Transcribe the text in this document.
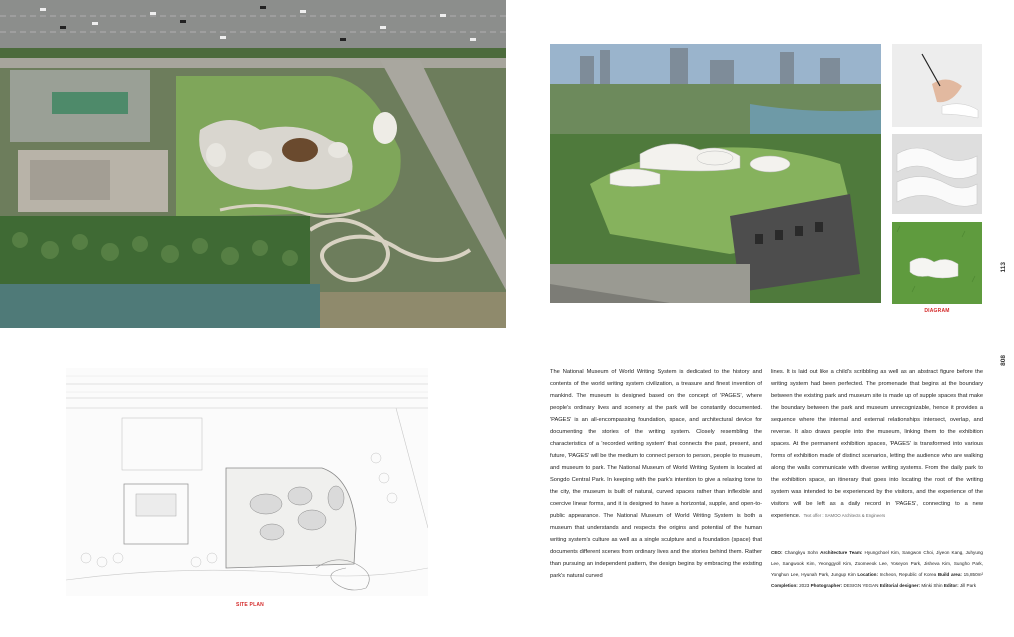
DIAGRAM
113
808
SITE PLAN
The National Museum of World Writing System is dedicated to the history and contents of the world writing system civilization, a treasure and finest invention of mankind. The museum is designed based on the concept of 'PAGES', where people's ordinary lives and scenery at the park will be constantly documented. 'PAGES' is an all-encompassing foundation, space, and architectural device for documenting the stories of the writing system. Closely resembling the characteristics of a 'recorded writing system' that connects the past, present, and future, 'PAGES' will be the medium to connect person to person, people to museum, and museum to park. The National Museum of World Writing System is located at Songdo Central Park. In keeping with the park's intention to give a relaxing tone to the city, the museum is built of natural, curved spaces rather than inflexible and coercive linear forms, and it is designed to have a horizontal, supple, and open-to-public appearance. The National Museum of World Writing System is both a museum that understands and respects the origins and potential of the human writing system's culture as well as a single sculpture and a foundation (space) that documents different scenes from ordinary lives and the stories behind them. Rather than pursuing an independent pattern, the design begins by embracing the existing park's natural curved
lines. It is laid out like a child's scribbling as well as an abstract figure before the writing system had been perfected. The promenade that begins at the boundary between the existing park and museum site is made up of supple spaces that make the boundary between the park and museum unrecognizable, hence it provides a sequence where the internal and external relationships intersect, overlap, and reverse. It also draws people into the museum, linking them to the exhibition spaces. At the permanent exhibition spaces, 'PAGES' is transformed into various forms of exhibition made of distinct scenarios, letting the audience who are walking along the walls communicate with diverse writing systems. From the daily park to the exhibition space, an itinerary that goes into locating the root of the writing system was intended to be experienced by the visitors, and the experience of the visitors will be left as a daily record in 'PAGES', connecting to a new experience. Text offer : SAMOO Architects & Engineers
CEO: Changkyu Sohn Architecture Team: Hyungchoel Kim, Sangwon Choi, Jiyeon Kang, Juhyung Lee, Sangwook Kim, Yeonggyoll Kim, Zoomeeok Lee, Yoseyon Park, Jisheva Kim, Sungho Park, Yonghun Lee, Hyunah Park, Jungup Kim Location: Incheon, Republic of Korea Build area: 15,850m² Completion: 2023 Photographer: DESIGN YEGAN Editorial designer: Minki Shin Editor: Jill Park
